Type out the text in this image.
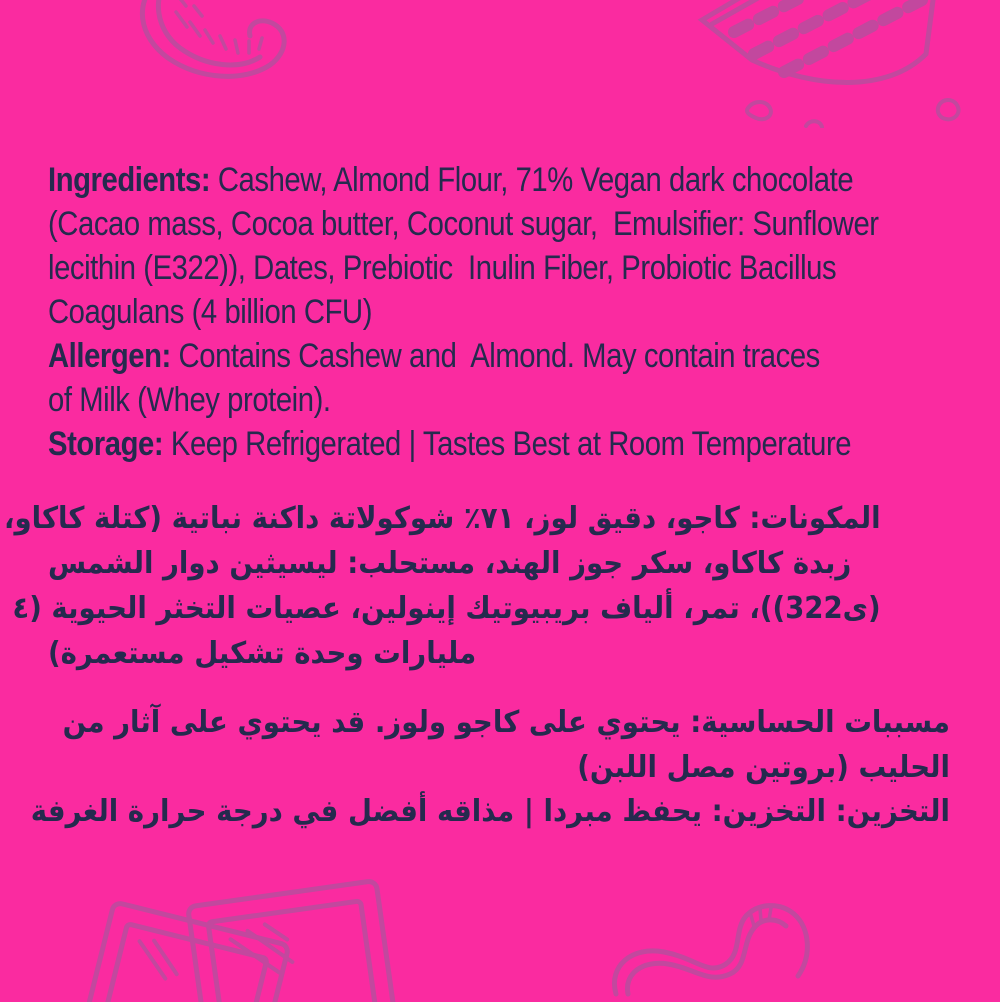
Ingredients: Cashew, Almond Flour, 71% Vegan dark chocolate
(Cacao mass, Cocoa butter, Coconut sugar,  Emulsifier: Sunflower
lecithin (E322)), Dates, Prebiotic  Inulin Fiber, Probiotic Bacillus
Coagulans (4 billion CFU)
Allergen: Contains Cashew and  Almond. May contain traces
of Milk (Whey protein).
Storage: Keep Refrigerated | Tastes Best at Room Temperature
المكونات: كاجو، دقيق لوز، ٧١٪ شوكولاتة داكنة نباتية (كتلة كاكاو،
زبدة كاكاو، سكر جوز الهند، مستحلب: ليسيثين دوار الشمس
(ى322))، تمر، ألياف بريبيوتيك إينولين، عصيات التخثر الحيوية (٤
مليارات وحدة تشكيل مستعمرة)
مسببات الحساسية: يحتوي على كاجو ولوز. قد يحتوي على آثار من
الحليب (بروتين مصل اللبن)
التخزين: التخزين: يحفظ مبردا | مذاقه أفضل في درجة حرارة الغرفة
